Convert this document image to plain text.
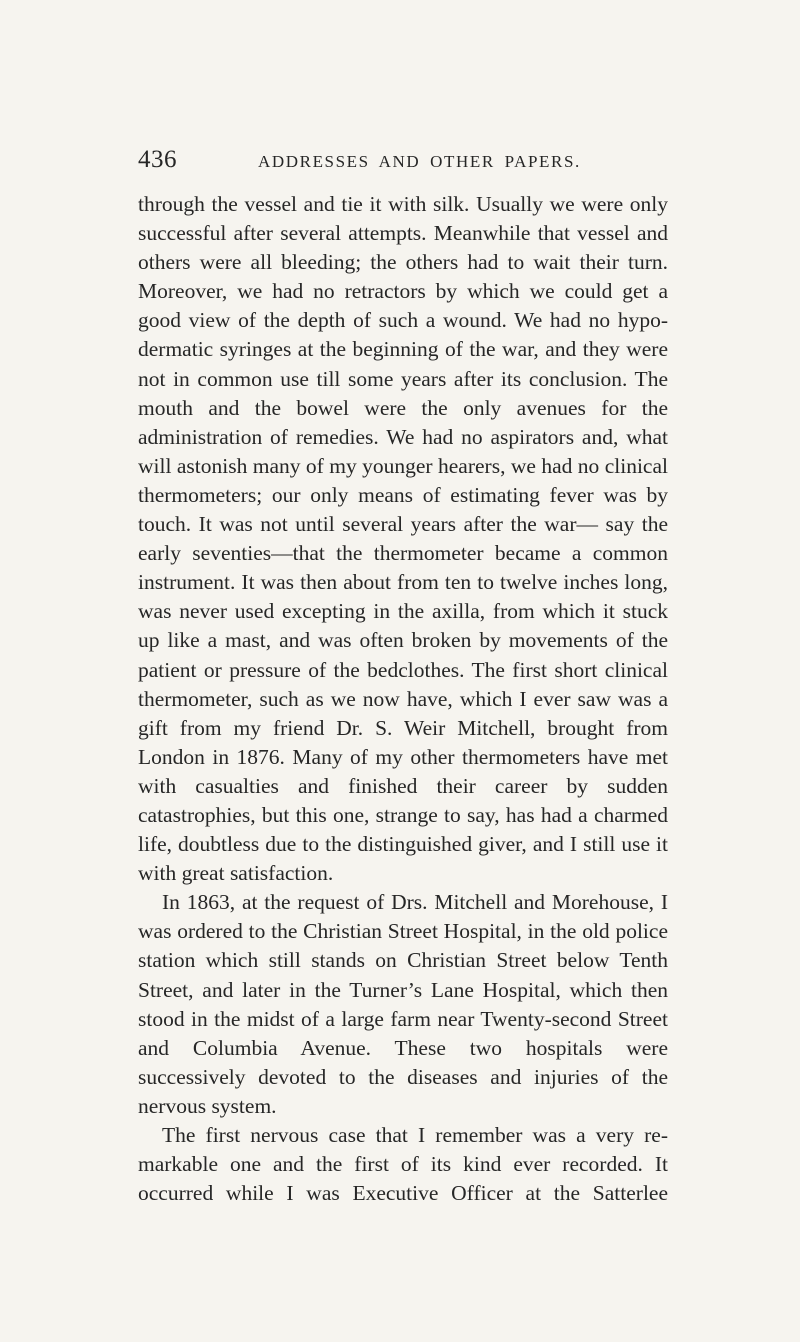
436	ADDRESSES AND OTHER PAPERS.

through the vessel and tie it with silk. Usually we were only successful after several attempts. Meanwhile that vessel and others were all bleeding; the others had to wait their turn. Moreover, we had no retractors by which we could get a good view of the depth of such a wound. We had no hypodermatic syringes at the beginning of the war, and they were not in common use till some years after its conclusion. The mouth and the bowel were the only avenues for the administration of remedies. We had no aspirators and, what will astonish many of my younger hearers, we had no clinical thermometers; our only means of estimating fever was by touch. It was not until several years after the war— say the early seventies—that the thermometer became a common instrument. It was then about from ten to twelve inches long, was never used excepting in the axilla, from which it stuck up like a mast, and was often broken by movements of the patient or pressure of the bedclothes. The first short clinical thermometer, such as we now have, which I ever saw was a gift from my friend Dr. S. Weir Mitchell, brought from London in 1876. Many of my other thermometers have met with casualties and finished their career by sudden catastrophies, but this one, strange to say, has had a charmed life, doubtless due to the distinguished giver, and I still use it with great satisfaction.

In 1863, at the request of Drs. Mitchell and Morehouse, I was ordered to the Christian Street Hospital, in the old police station which still stands on Christian Street below Tenth Street, and later in the Turner’s Lane Hospital, which then stood in the midst of a large farm near Twenty-second Street and Columbia Avenue. These two hospitals were successively devoted to the diseases and injuries of the nervous system.

The first nervous case that I remember was a very remarkable one and the first of its kind ever recorded. It occurred while I was Executive Officer at the Satterlee
